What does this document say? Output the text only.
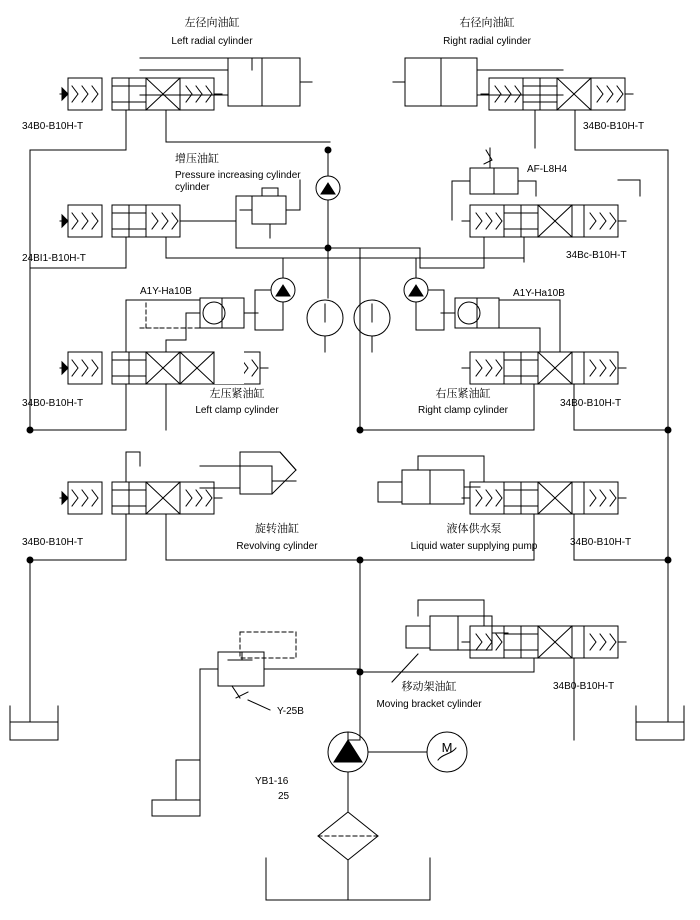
左径向油缸
Left radial cylinder
右径向油缸
Right radial cylinder
34B0-B10H-T	34B0-B10H-T
增压油缸
Pressure increasing cylinder
cylinder
AF-L8H4
24BI1-B10H-T	34Bc-B10H-T
A1Y-Ha10B	A1Y-Ha10B
34B0-B10H-T
左压紧油缸
Left clamp cylinder
右压紧油缸
Right clamp cylinder
34B0-B10H-T
34B0-B10H-T
旋转油缸
Revolving cylinder
液体供水泵
Liquid water supplying pump	34B0-B10H-T
34B0-B10H-T
移动架油缸
Moving bracket cylinder
Y-25B
YB1-16
25
M
